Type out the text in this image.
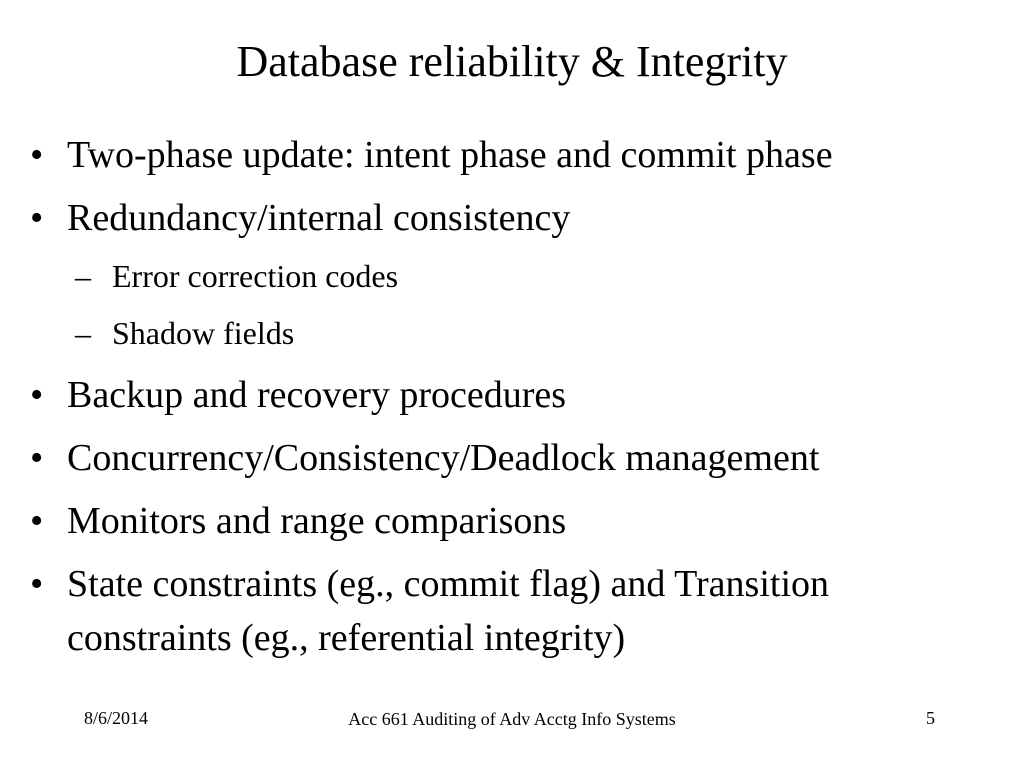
Database reliability & Integrity
• Two-phase update: intent phase and commit phase
• Redundancy/internal consistency
– Error correction codes
– Shadow fields
• Backup and recovery procedures
• Concurrency/Consistency/Deadlock management
• Monitors and range comparisons
• State constraints (eg., commit flag) and Transition constraints (eg., referential integrity)
8/6/2014	Acc 661 Auditing of Adv Acctg Info Systems	5
